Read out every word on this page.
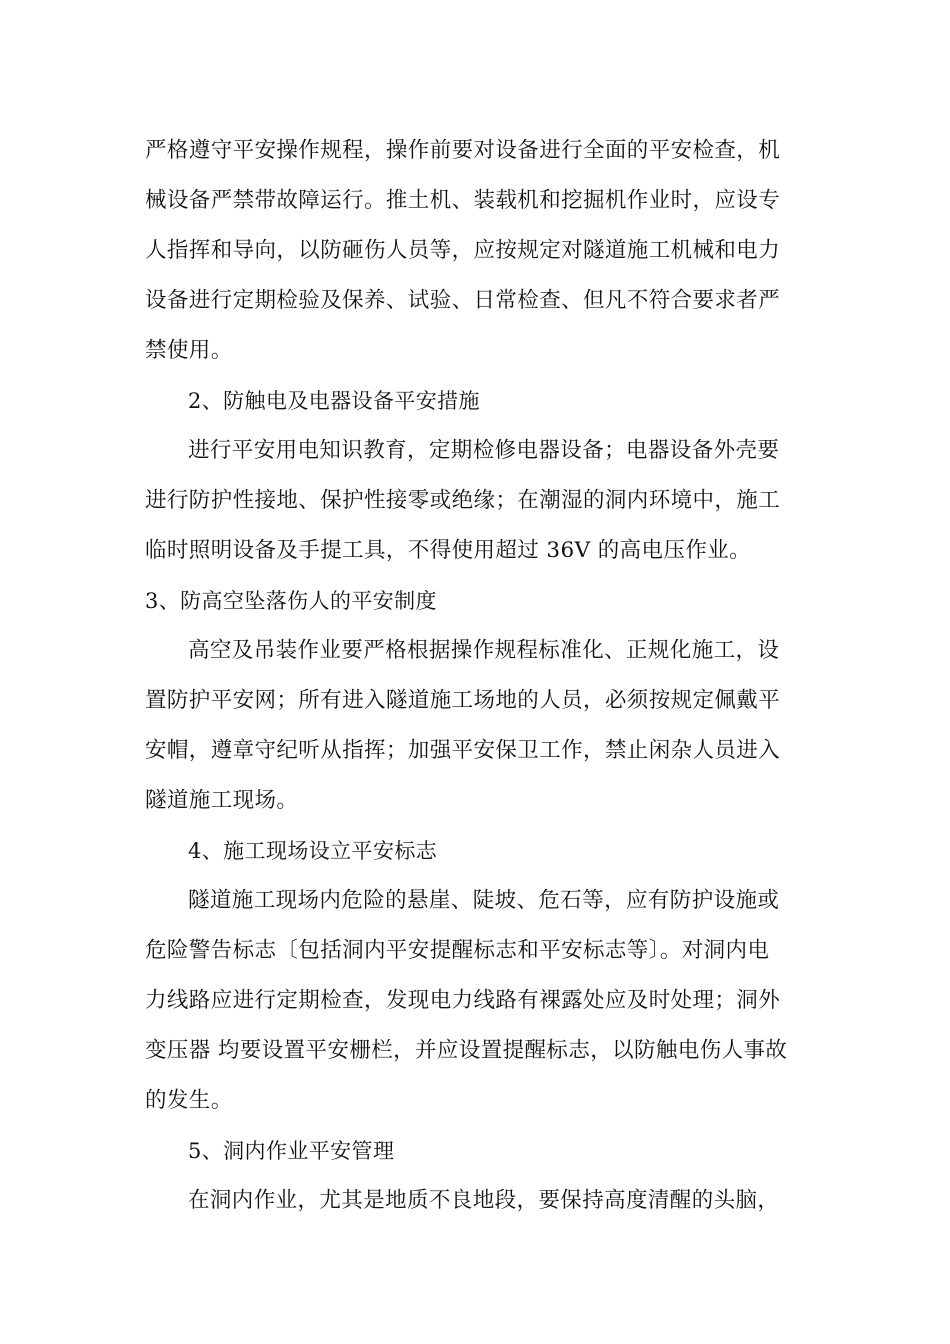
严格遵守平安操作规程，操作前要对设备进行全面的平安检查，机
械设备严禁带故障运行。推土机、装载机和挖掘机作业时，应设专
人指挥和导向，以防砸伤人员等，应按规定对隧道施工机械和电力
设备进行定期检验及保养、试验、日常检查、但凡不符合要求者严
禁使用。
2、防触电及电器设备平安措施
进行平安用电知识教育，定期检修电器设备；电器设备外壳要
进行防护性接地、保护性接零或绝缘；在潮湿的洞内环境中，施工
临时照明设备及手提工具，不得使用超过 36V 的高电压作业。
3、防高空坠落伤人的平安制度
高空及吊装作业要严格根据操作规程标准化、正规化施工，设
置防护平安网；所有进入隧道施工场地的人员，必须按规定佩戴平
安帽，遵章守纪听从指挥；加强平安保卫工作，禁止闲杂人员进入
隧道施工现场。
4、施工现场设立平安标志
隧道施工现场内危险的悬崖、陡坡、危石等，应有防护设施或
危险警告标志〔包括洞内平安提醒标志和平安标志等〕。对洞内电
力线路应进行定期检查，发现电力线路有裸露处应及时处理；洞外
变压器 均要设置平安栅栏，并应设置提醒标志，以防触电伤人事故
的发生。
5、洞内作业平安管理
在洞内作业，尤其是地质不良地段，要保持高度清醒的头脑，
